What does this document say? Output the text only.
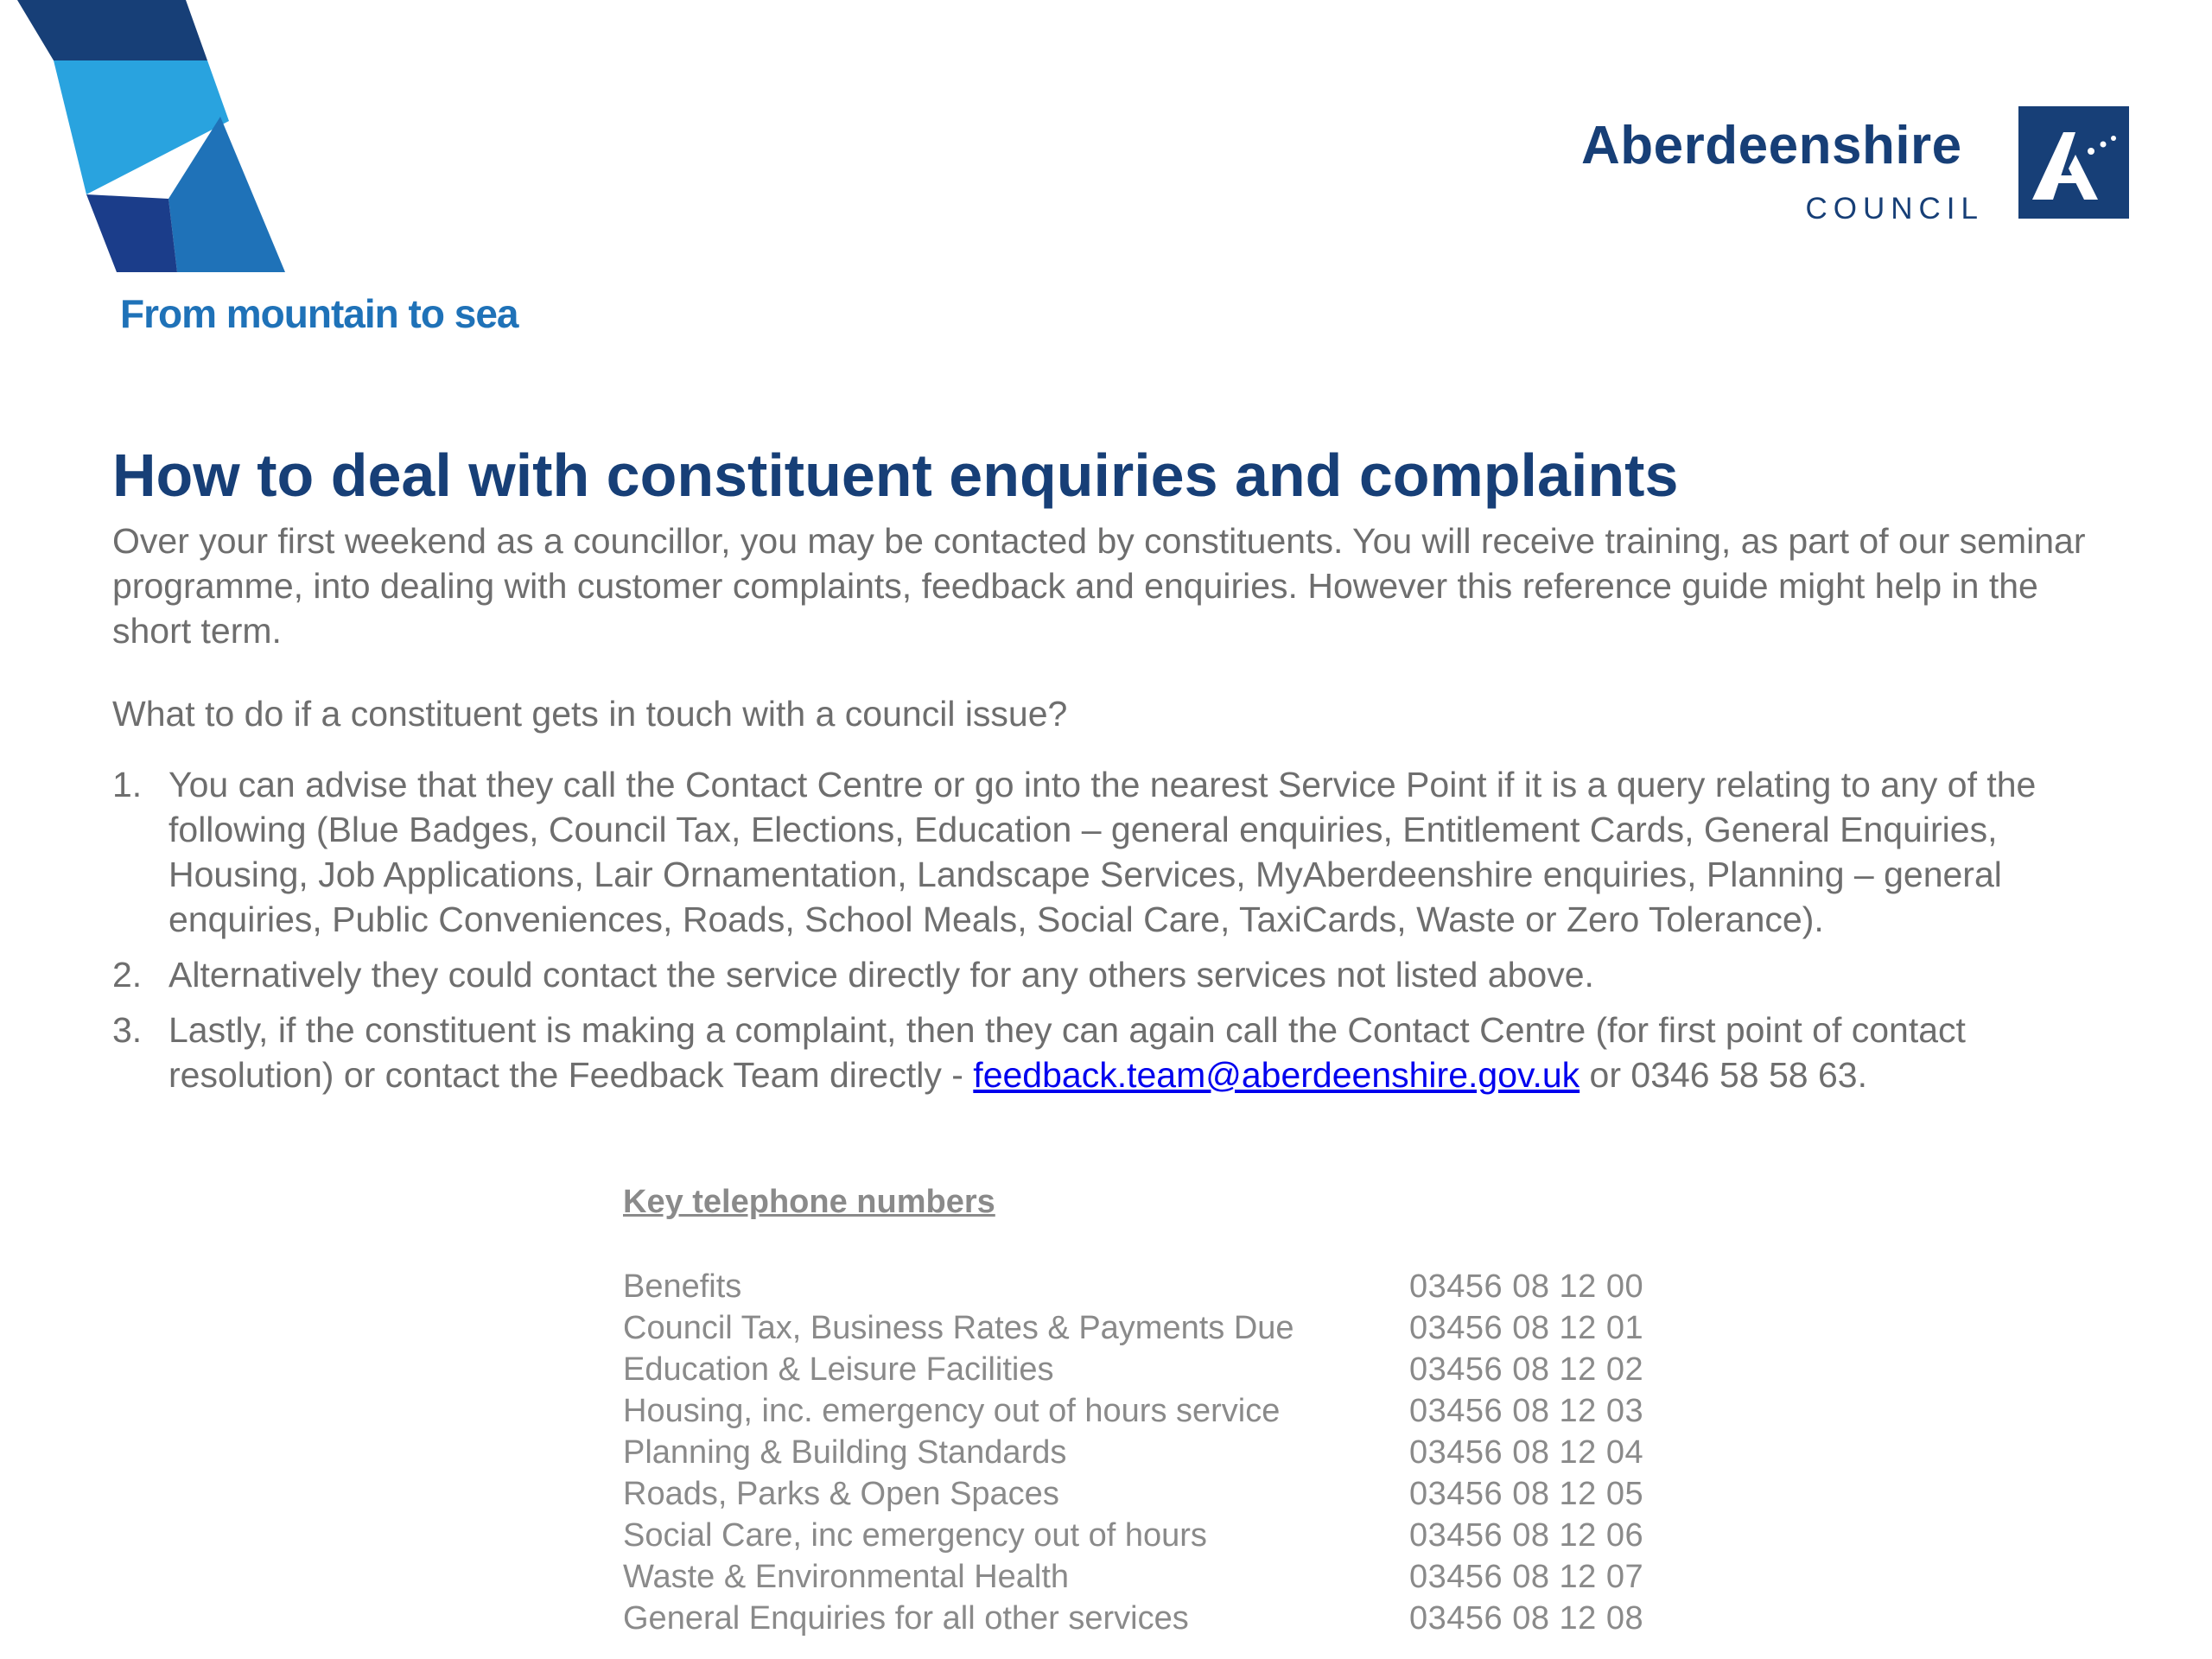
From mountain to sea
Aberdeenshire
COUNCIL
How to deal with constituent enquiries and complaints

Over your first weekend as a councillor, you may be contacted by constituents. You will receive training, as part of our seminar programme, into dealing with customer complaints, feedback and enquiries. However this reference guide might help in the short term.

What to do if a constituent gets in touch with a council issue?

1. You can advise that they call the Contact Centre or go into the nearest Service Point if it is a query relating to any of the following (Blue Badges, Council Tax, Elections, Education – general enquiries, Entitlement Cards, General Enquiries, Housing, Job Applications, Lair Ornamentation, Landscape Services, MyAberdeenshire enquiries, Planning – general enquiries, Public Conveniences, Roads, School Meals, Social Care, TaxiCards, Waste or Zero Tolerance).
2. Alternatively they could contact the service directly for any others services not listed above.
3. Lastly, if the constituent is making a complaint, then they can again call the Contact Centre (for first point of contact resolution) or contact the Feedback Team directly - feedback.team@aberdeenshire.gov.uk or 0346 58 58 63.
Key telephone numbers
Benefits	03456 08 12 00
Council Tax, Business Rates & Payments Due	03456 08 12 01
Education & Leisure Facilities	03456 08 12 02
Housing, inc. emergency out of hours service	03456 08 12 03
Planning & Building Standards	03456 08 12 04
Roads, Parks & Open Spaces	03456 08 12 05
Social Care, inc emergency out of hours	03456 08 12 06
Waste & Environmental Health	03456 08 12 07
General Enquiries for all other services	03456 08 12 08
